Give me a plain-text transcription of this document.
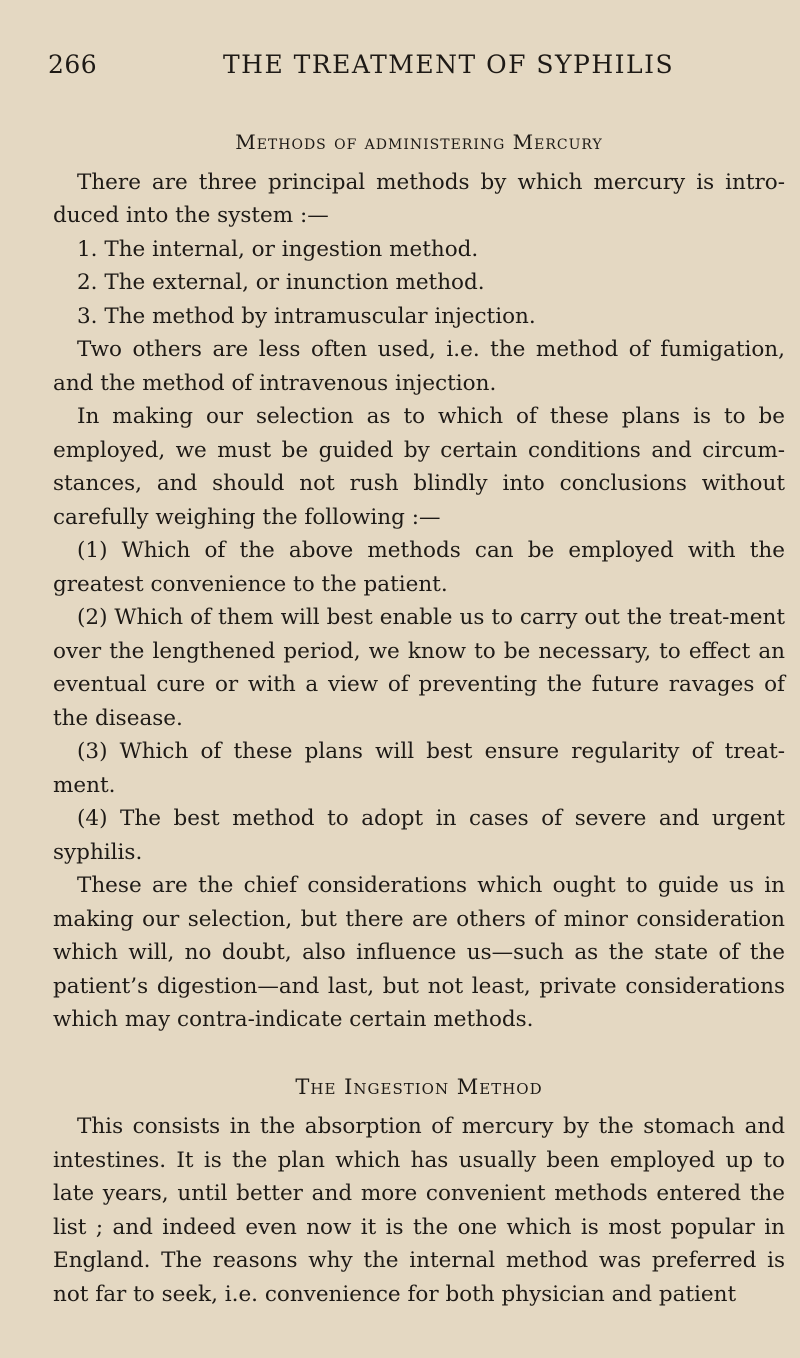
266	THE TREATMENT OF SYPHILIS
Methods of administering Mercury

There are three principal methods by which mercury is intro-duced into the system :—

1. The internal, or ingestion method.

2. The external, or inunction method.

3. The method by intramuscular injection.

Two others are less often used, i.e. the method of fumigation, and the method of intravenous injection.

In making our selection as to which of these plans is to be employed, we must be guided by certain conditions and circum-stances, and should not rush blindly into conclusions without carefully weighing the following :—

(1) Which of the above methods can be employed with the greatest convenience to the patient.

(2) Which of them will best enable us to carry out the treat-ment over the lengthened period, we know to be necessary, to effect an eventual cure or with a view of preventing the future ravages of the disease.

(3) Which of these plans will best ensure regularity of treat-ment.

(4) The best method to adopt in cases of severe and urgent syphilis.

These are the chief considerations which ought to guide us in making our selection, but there are others of minor consideration which will, no doubt, also influence us—such as the state of the patient’s digestion—and last, but not least, private considerations which may contra-indicate certain methods.

The Ingestion Method

This consists in the absorption of mercury by the stomach and intestines. It is the plan which has usually been employed up to late years, until better and more convenient methods entered the list ; and indeed even now it is the one which is most popular in England. The reasons why the internal method was preferred is not far to seek, i.e. convenience for both physician and patient
